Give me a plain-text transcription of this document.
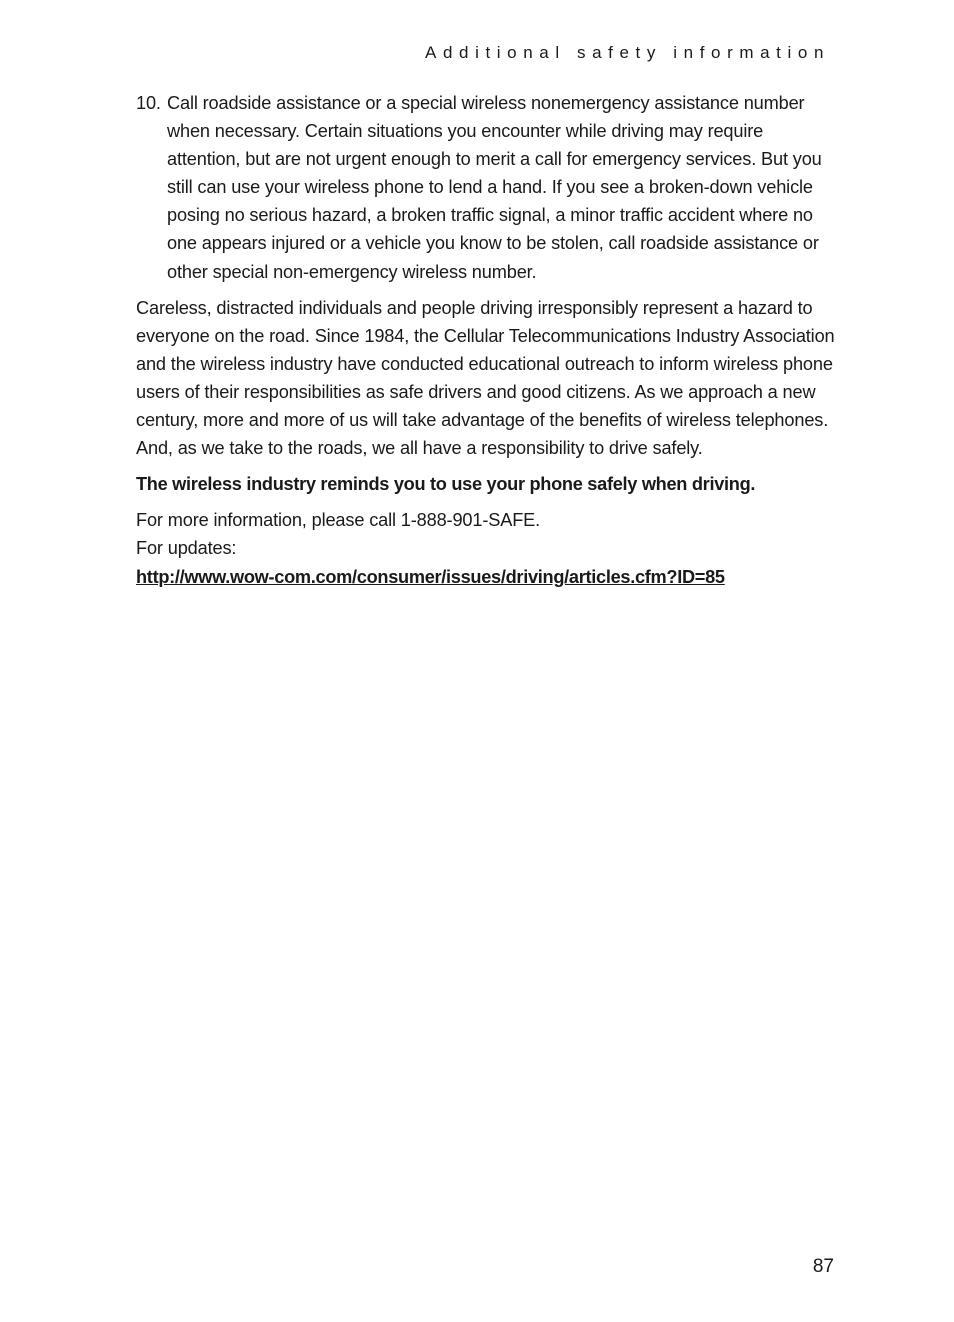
Additional safety information
10. Call roadside assistance or a special wireless nonemergency assistance number when necessary. Certain situations you encounter while driving may require attention, but are not urgent enough to merit a call for emergency services. But you still can use your wireless phone to lend a hand. If you see a broken-down vehicle posing no serious hazard, a broken traffic signal, a minor traffic accident where no one appears injured or a vehicle you know to be stolen, call roadside assistance or other special non-emergency wireless number.

Careless, distracted individuals and people driving irresponsibly represent a hazard to everyone on the road. Since 1984, the Cellular Telecommunications Industry Association and the wireless industry have conducted educational outreach to inform wireless phone users of their responsibilities as safe drivers and good citizens. As we approach a new century, more and more of us will take advantage of the benefits of wireless telephones. And, as we take to the roads, we all have a responsibility to drive safely.

The wireless industry reminds you to use your phone safely when driving.

For more information, please call 1-888-901-SAFE.
For updates:
http://www.wow-com.com/consumer/issues/driving/articles.cfm?ID=85
87
